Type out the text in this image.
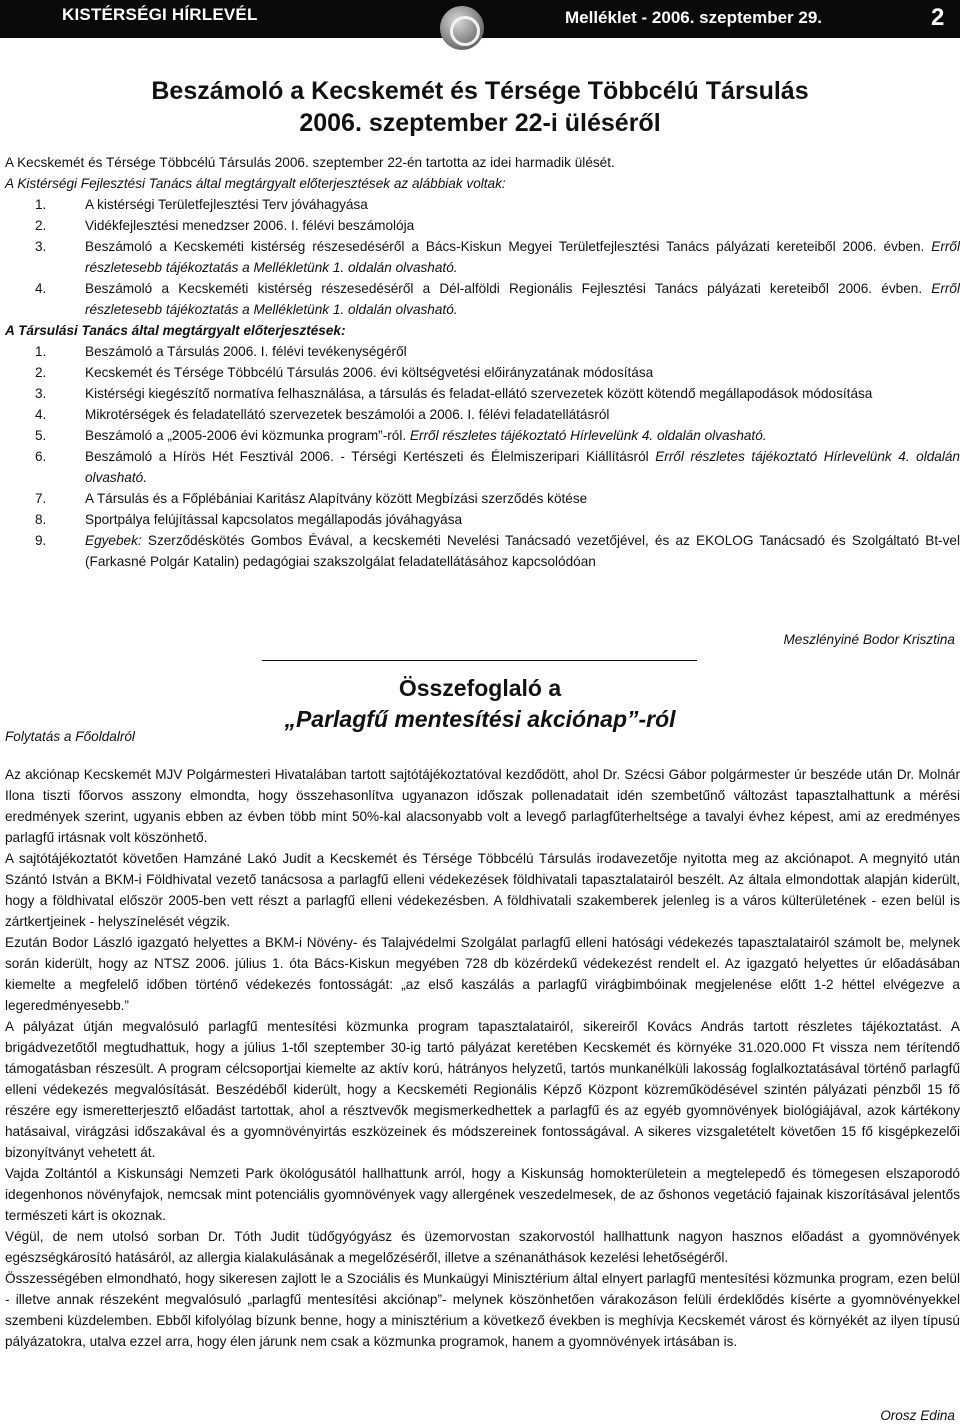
KISTÉRSÉGI HÍRLEVÉL	Melléklet - 2006. szeptember 29.	2
Beszámoló a Kecskemét és Térsége Többcélú Társulás
2006. szeptember 22-i üléséről

A Kecskemét és Térsége Többcélú Társulás 2006. szeptember 22-én tartotta az idei harmadik ülését.

A Kistérségi Fejlesztési Tanács által megtárgyalt előterjesztések az alábbiak voltak:

1.	A kistérségi Területfejlesztési Terv jóváhagyása
2.	Vidékfejlesztési menedzser 2006. I. félévi beszámolója
3.	Beszámoló a Kecskeméti kistérség részesedéséről a Bács-Kiskun Megyei Területfejlesztési Tanács pályázati kereteiből 2006. évben. Erről részletesebb tájékoztatás a Mellékletünk 1. oldalán olvasható.
4.	Beszámoló a Kecskeméti kistérség részesedéséről a Dél-alföldi Regionális Fejlesztési Tanács pályázati kereteiből 2006. évben. Erről részletesebb tájékoztatás a Mellékletünk 1. oldalán olvasható.

A Társulási Tanács által megtárgyalt előterjesztések:

1.	Beszámoló a Társulás 2006. I. félévi tevékenységéről
2.	Kecskemét és Térsége Többcélú Társulás 2006. évi költségvetési előirányzatának módosítása
3.	Kistérségi kiegészítő normatíva felhasználása, a társulás és feladat-ellátó szervezetek között kötendő megállapodások módosítása
4.	Mikrotérségek és feladatellátó szervezetek beszámolói a 2006. I. félévi feladatellátásról
5.	Beszámoló a „2005-2006 évi közmunka program”-ról. Erről részletes tájékoztató Hírlevelünk 4. oldalán olvasható.
6.	Beszámoló a Hírös Hét Fesztivál 2006. - Térségi Kertészeti és Élelmiszeripari Kiállításról Erről részletes tájékoztató Hírlevelünk 4. oldalán olvasható.
7.	A Társulás és a Főplébániai Karitász Alapítvány között Megbízási szerződés kötése
8.	Sportpálya felújítással kapcsolatos megállapodás jóváhagyása
9.	Egyebek: Szerződéskötés Gombos Évával, a kecskeméti Nevelési Tanácsadó vezetőjével, és az EKOLOG Tanácsadó és Szolgáltató Bt-vel (Farkasné Polgár Katalin) pedagógiai szakszolgálat feladatellátásához kapcsolódóan
Meszlényiné Bodor Krisztina
Összefoglaló a
„Parlagfű mentesítési akciónap”-ról
Folytatás a Főoldalról

Az akciónap Kecskemét MJV Polgármesteri Hivatalában tartott sajtótájékoztatóval kezdődött, ahol Dr. Szécsi Gábor polgármester úr beszéde után Dr. Molnár Ilona tiszti főorvos asszony elmondta, hogy összehasonlítva ugyanazon időszak pollenadatait idén szembetűnő változást tapasztalhattunk a mérési eredmények szerint, ugyanis ebben az évben több mint 50%-kal alacsonyabb volt a levegő parlagfűterheltsége a tavalyi évhez képest, ami az eredményes parlagfű irtásnak volt köszönhető.

A sajtótájékoztatót követően Hamzáné Lakó Judit a Kecskemét és Térsége Többcélú Társulás irodavezetője nyitotta meg az akciónapot. A megnyitó után Szántó István a BKM-i Földhivatal vezető tanácsosa a parlagfű elleni védekezések földhivatali tapasztalatairól beszélt. Az általa elmondottak alapján kiderült, hogy a földhivatal először 2005-ben vett részt a parlagfű elleni védekezésben. A földhivatali szakemberek jelenleg is a város külterületének - ezen belül is zártkertjeinek - helyszínelését végzik.

Ezután Bodor László igazgató helyettes a BKM-i Növény- és Talajvédelmi Szolgálat parlagfű elleni hatósági védekezés tapasztalatairól számolt be, melynek során kiderült, hogy az NTSZ 2006. július 1. óta Bács-Kiskun megyében 728 db közérdekű védekezést rendelt el. Az igazgató helyettes úr előadásában kiemelte a megfelelő időben történő védekezés fontosságát: „az első kaszálás a parlagfű virágbimbóinak megjelenése előtt 1-2 héttel elvégezve a legeredményesebb.”

A pályázat útján megvalósuló parlagfű mentesítési közmunka program tapasztalatairól, sikereiről Kovács András tartott részletes tájékoztatást. A brigádvezetőtől megtudhattuk, hogy a július 1-től szeptember 30-ig tartó pályázat keretében Kecskemét és környéke 31.020.000 Ft vissza nem térítendő támogatásban részesült. A program célcsoportjai kiemelte az aktív korú, hátrányos helyzetű, tartós munkanélküli lakosság foglalkoztatásával történő parlagfű elleni védekezés megvalósítását. Beszédéből kiderült, hogy a Kecskeméti Regionális Képző Központ közreműködésével szintén pályázati pénzből 15 fő részére egy ismeretterjesztő előadást tartottak, ahol a résztvevők megismerkedhettek a parlagfű és az egyéb gyomnövények biológiájával, azok kártékony hatásaival, virágzási időszakával és a gyomnövényirtás eszközeinek és módszereinek fontosságával. A sikeres vizsgaletételt követően 15 fő kisgépkezelői bizonyítványt vehetett át.

Vajda Zoltántól a Kiskunsági Nemzeti Park ökológusától hallhattunk arról, hogy a Kiskunság homokterületein a megtelepedő és tömegesen elszaporodó idegenhonos növényfajok, nemcsak mint potenciális gyomnövények vagy allergének veszedelmesek, de az őshonos vegetáció fajainak kiszorításával jelentős természeti kárt is okoznak.

Végül, de nem utolsó sorban Dr. Tóth Judit tüdőgyógyász és üzemorvostan szakorvostól hallhattunk nagyon hasznos előadást a gyomnövények egészségkárosító hatásáról, az allergia kialakulásának a megelőzéséről, illetve a szénanáthások kezelési lehetőségéről.

Összességében elmondható, hogy sikeresen zajlott le a Szociális és Munkaügyi Minisztérium által elnyert parlagfű mentesítési közmunka program, ezen belül - illetve annak részeként megvalósuló „parlagfű mentesítési akciónap”- melynek köszönhetően várakozáson felüli érdeklődés kísérte a gyomnövényekkel szembeni küzdelemben. Ebből kifolyólag bízunk benne, hogy a minisztérium a következő években is meghívja Kecskemét várost és környékét az ilyen típusú pályázatokra, utalva ezzel arra, hogy élen járunk nem csak a közmunka programok, hanem a gyomnövények irtásában is.

Orosz Edina
